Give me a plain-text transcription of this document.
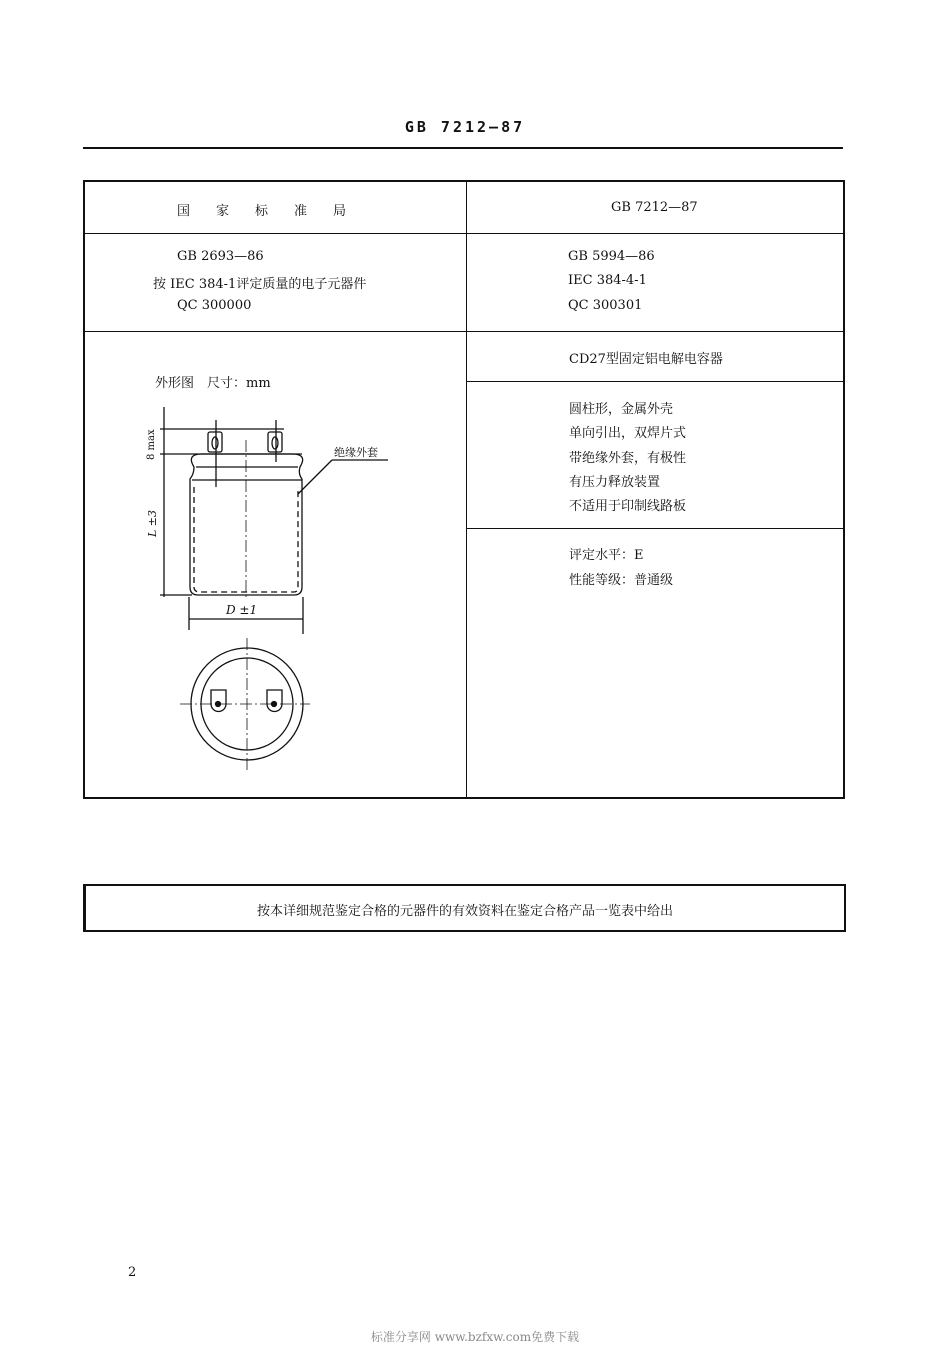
GB 7212—87
国　　家　　标　　准　　局	GB 7212—87
GB 2693—86
按 IEC 384-1评定质量的电子元器件
QC 300000
GB 5994—86
IEC 384-4-1
QC 300301
外形图　尺寸：mm
绝缘外套
8 max
L ±3
D ±1
CD27型固定铝电解电容器
圆柱形，金属外壳
单向引出，双焊片式
带绝缘外套，有极性
有压力释放装置
不适用于印制线路板
评定水平：E
性能等级：普通级
按本详细规范鉴定合格的元器件的有效资料在鉴定合格产品一览表中给出
2
标准分享网 www.bzfxw.com免费下载
